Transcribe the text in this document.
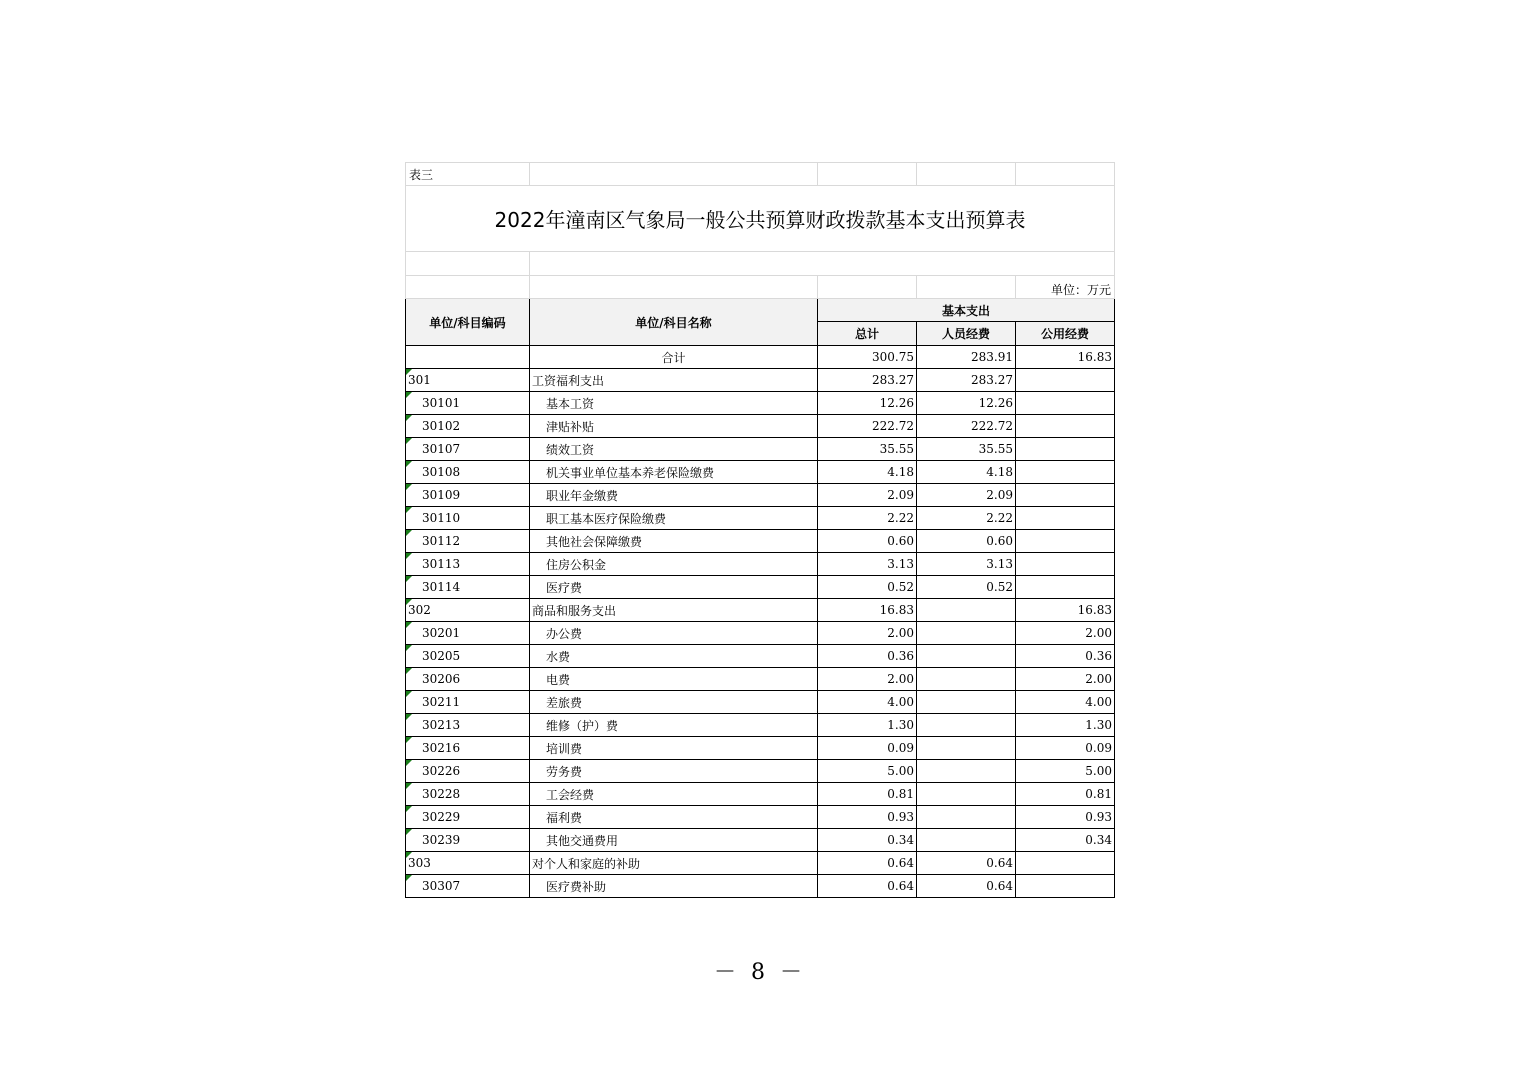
表三				
2022年潼南区气象局一般公共预算财政拨款基本支出预算表				

				单位：万元
单位/科目编码	单位/科目名称	基本支出		
		总计	人员经费	公用经费
	合计	300.75	283.91	16.83

301	工资福利支出	283.27	283.27	

30101	基本工资	12.26	12.26	

30102	津贴补贴	222.72	222.72	

30107	绩效工资	35.55	35.55	

30108	机关事业单位基本养老保险缴费	4.18	4.18	

30109	职业年金缴费	2.09	2.09	

30110	职工基本医疗保险缴费	2.22	2.22	

30112	其他社会保障缴费	0.60	0.60	

30113	住房公积金	3.13	3.13	

30114	医疗费	0.52	0.52	

302	商品和服务支出	16.83		16.83

30201	办公费	2.00		2.00

30205	水费	0.36		0.36

30206	电费	2.00		2.00

30211	差旅费	4.00		4.00

30213	维修（护）费	1.30		1.30

30216	培训费	0.09		0.09

30226	劳务费	5.00		5.00

30228	工会经费	0.81		0.81

30229	福利费	0.93		0.93

30239	其他交通费用	0.34		0.34

303	对个人和家庭的补助	0.64	0.64	

30307	医疗费补助	0.64	0.64	
－ 8 －
